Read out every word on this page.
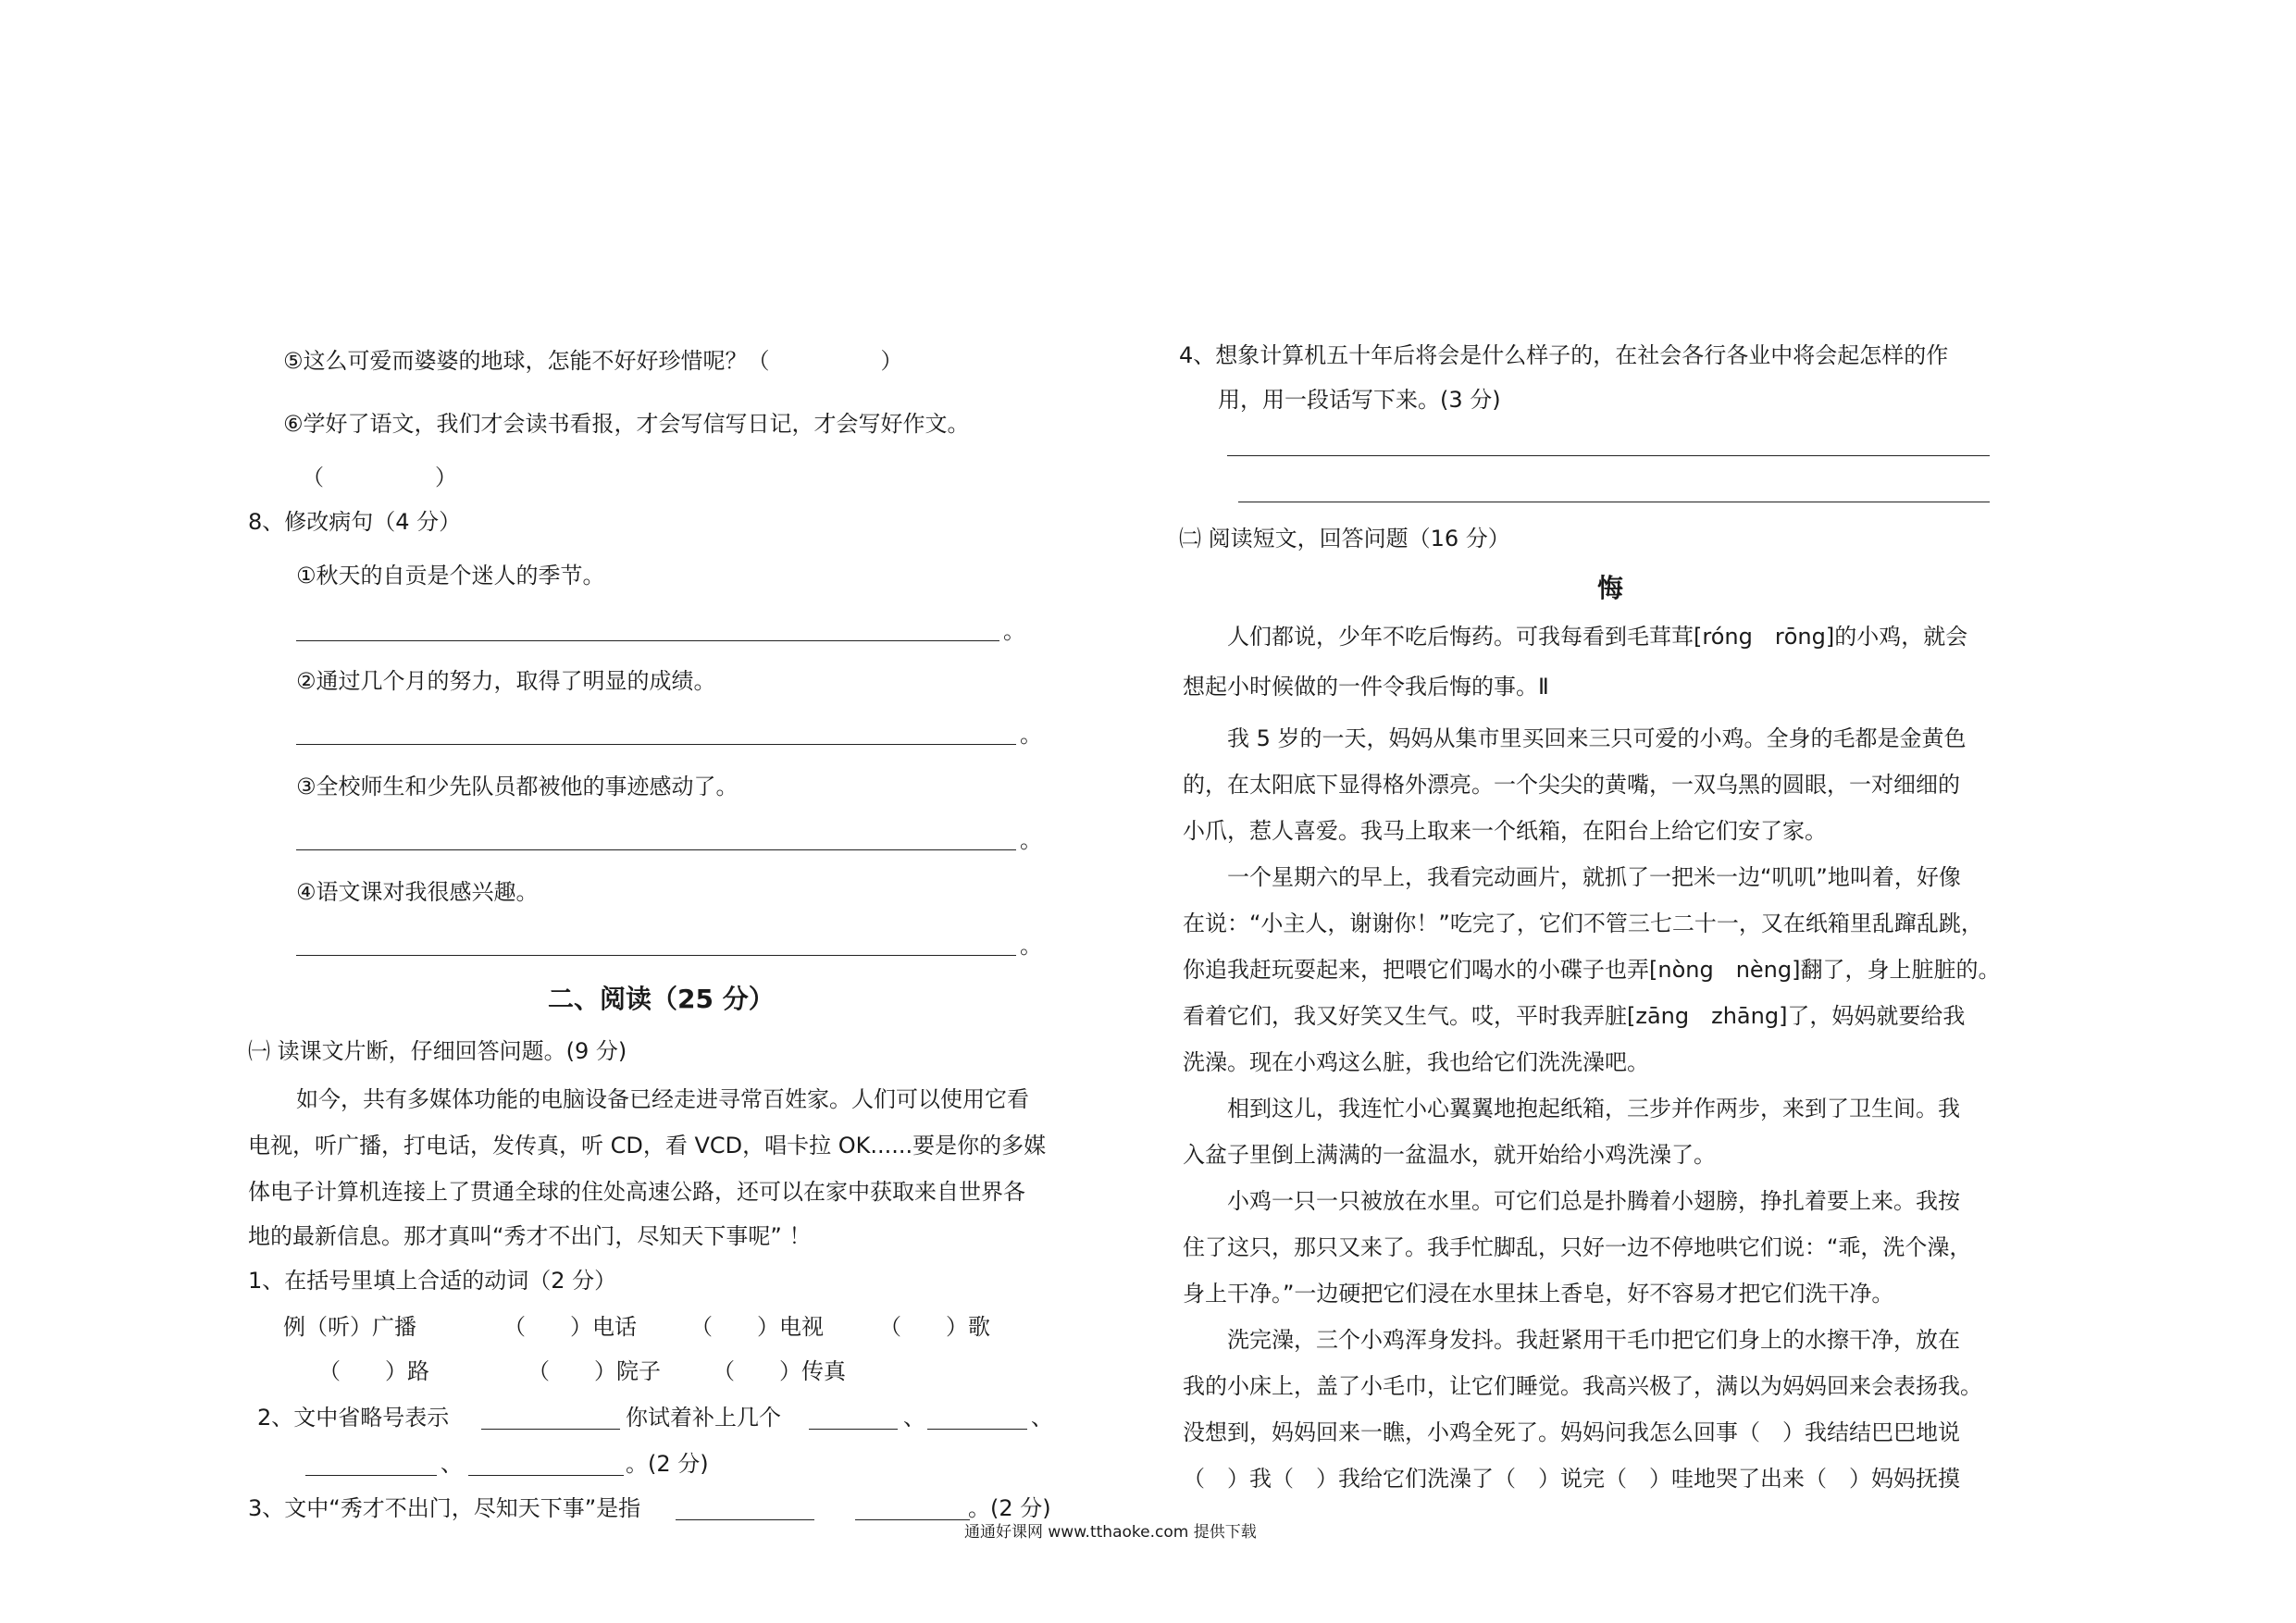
⑤这么可爱而婆婆的地球，怎能不好好珍惜呢？（　　　　　）
⑥学好了语文，我们才会读书看报，才会写信写日记，才会写好作文。
（　　　　　）
8、修改病句（4 分）
①秋天的自贡是个迷人的季节。
。
②通过几个月的努力，取得了明显的成绩。
。
③全校师生和少先队员都被他的事迹感动了。
。
④语文课对我很感兴趣。
。
二、阅读（25 分）
㈠ 读课文片断，仔细回答问题。(9 分)
如今，共有多媒体功能的电脑设备已经走进寻常百姓家。人们可以使用它看
电视，听广播，打电话，发传真，听 CD，看 VCD，唱卡拉 OK......要是你的多媒
体电子计算机连接上了贯通全球的住处高速公路，还可以在家中获取来自世界各
地的最新信息。那才真叫“秀才不出门，尽知天下事呢” ！
1、在括号里填上合适的动词（2 分）
例（听）广播	（　　）电话 （　　）电视	（　　）歌
（　　）路	（　　）院子 （　　）传真
2、文中省略号表示	你试着补上几个	、	、
、	。(2 分)
3、文中“秀才不出门，尽知天下事”是指	。(2 分)
4、想象计算机五十年后将会是什么样子的，在社会各行各业中将会起怎样的作
用，用一段话写下来。(3 分)
㈡ 阅读短文，回答问题（16 分）
悔
人们都说，少年不吃后悔药。可我每看到毛茸茸[róng　rōng]的小鸡，就会
想起小时候做的一件令我后悔的事。Ⅱ
我 5 岁的一天，妈妈从集市里买回来三只可爱的小鸡。全身的毛都是金黄色
的，在太阳底下显得格外漂亮。一个尖尖的黄嘴，一双乌黑的圆眼，一对细细的
小爪，惹人喜爱。我马上取来一个纸箱，在阳台上给它们安了家。
一个星期六的早上，我看完动画片，就抓了一把米一边“叽叽”地叫着，好像
在说：“小主人，谢谢你！”吃完了，它们不管三七二十一，又在纸箱里乱蹿乱跳，
你追我赶玩耍起来，把喂它们喝水的小碟子也弄[nòng　nèng]翻了，身上脏脏的。
看着它们，我又好笑又生气。哎，平时我弄脏[zāng　zhāng]了，妈妈就要给我
洗澡。现在小鸡这么脏，我也给它们洗洗澡吧。
相到这儿，我连忙小心翼翼地抱起纸箱，三步并作两步，来到了卫生间。我
入盆子里倒上满满的一盆温水，就开始给小鸡洗澡了。
小鸡一只一只被放在水里。可它们总是扑腾着小翅膀，挣扎着要上来。我按
住了这只，那只又来了。我手忙脚乱，只好一边不停地哄它们说：“乖，洗个澡，
身上干净。”一边硬把它们浸在水里抹上香皂，好不容易才把它们洗干净。
洗完澡，三个小鸡浑身发抖。我赶紧用干毛巾把它们身上的水擦干净，放在
我的小床上，盖了小毛巾，让它们睡觉。我高兴极了，满以为妈妈回来会表扬我。
没想到，妈妈回来一瞧，小鸡全死了。妈妈问我怎么回事（　）我结结巴巴地说
（　）我（　）我给它们洗澡了（　）说完（　）哇地哭了出来（　）妈妈抚摸
通通好课网 www.tthaoke.com 提供下载
